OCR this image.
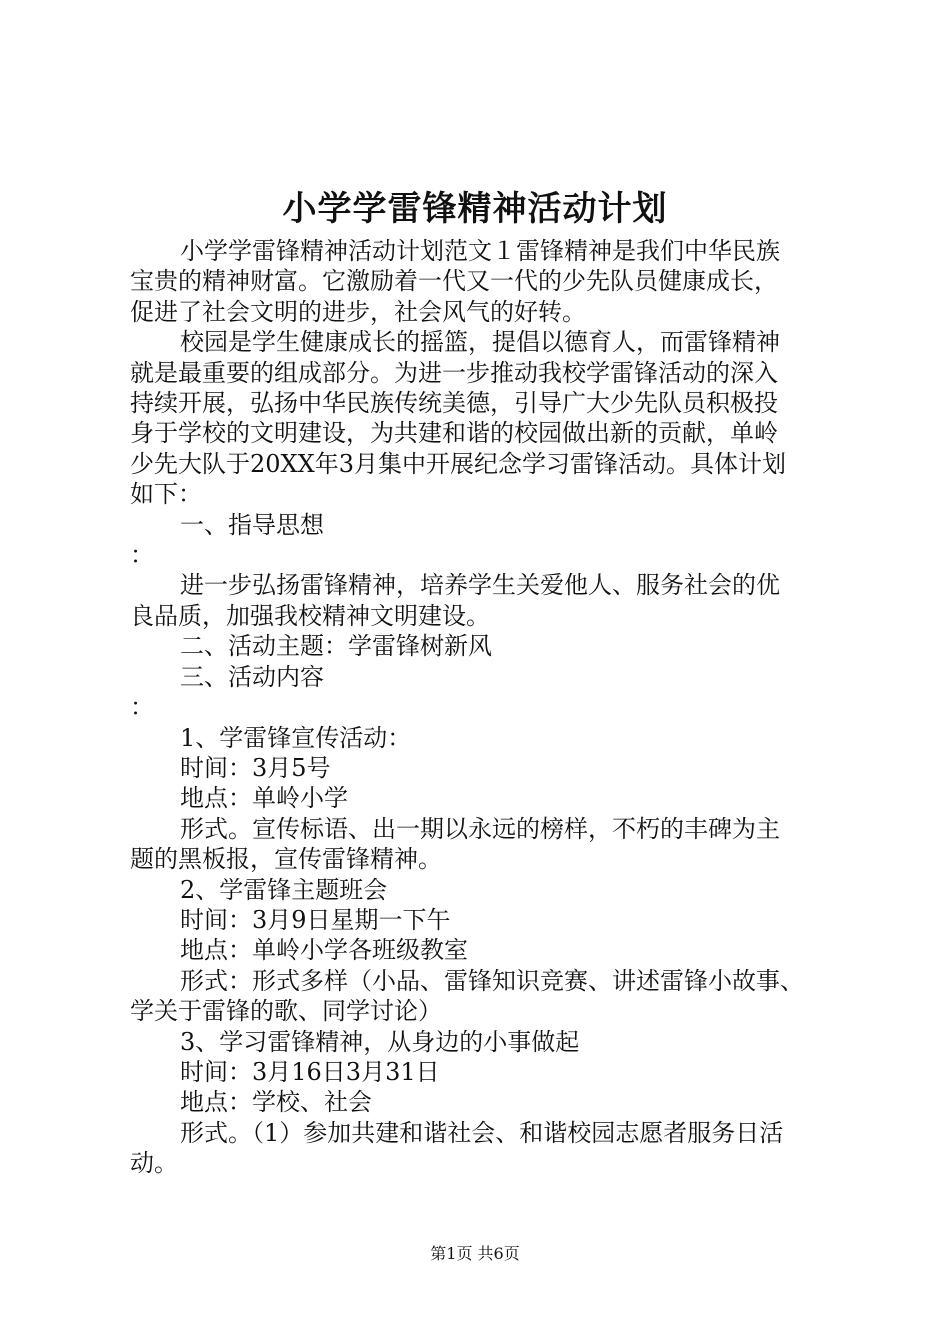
小学学雷锋精神活动计划
小学学雷锋精神活动计划范文１雷锋精神是我们中华民族
宝贵的精神财富。它激励着一代又一代的少先队员健康成长，
促进了社会文明的进步，社会风气的好转。
校园是学生健康成长的摇篮，提倡以德育人，而雷锋精神
就是最重要的组成部分。为进一步推动我校学雷锋活动的深入
持续开展，弘扬中华民族传统美德，引导广大少先队员积极投
身于学校的文明建设，为共建和谐的校园做出新的贡献，单岭
少先大队于20XX年3月集中开展纪念学习雷锋活动。具体计划
如下：
一、指导思想
：
进一步弘扬雷锋精神，培养学生关爱他人、服务社会的优
良品质，加强我校精神文明建设。
二、活动主题：学雷锋树新风
三、活动内容
：
1、学雷锋宣传活动：
时间：3月5号
地点：单岭小学
形式。宣传标语、出一期以永远的榜样，不朽的丰碑为主
题的黑板报，宣传雷锋精神。
2、学雷锋主题班会
时间：3月9日星期一下午
地点：单岭小学各班级教室
形式：形式多样（小品、雷锋知识竞赛、讲述雷锋小故事、
学关于雷锋的歌、同学讨论）
3、学习雷锋精神，从身边的小事做起
时间：3月16日3月31日
地点：学校、社会
形式。（1）参加共建和谐社会、和谐校园志愿者服务日活
动。
第1页 共6页
